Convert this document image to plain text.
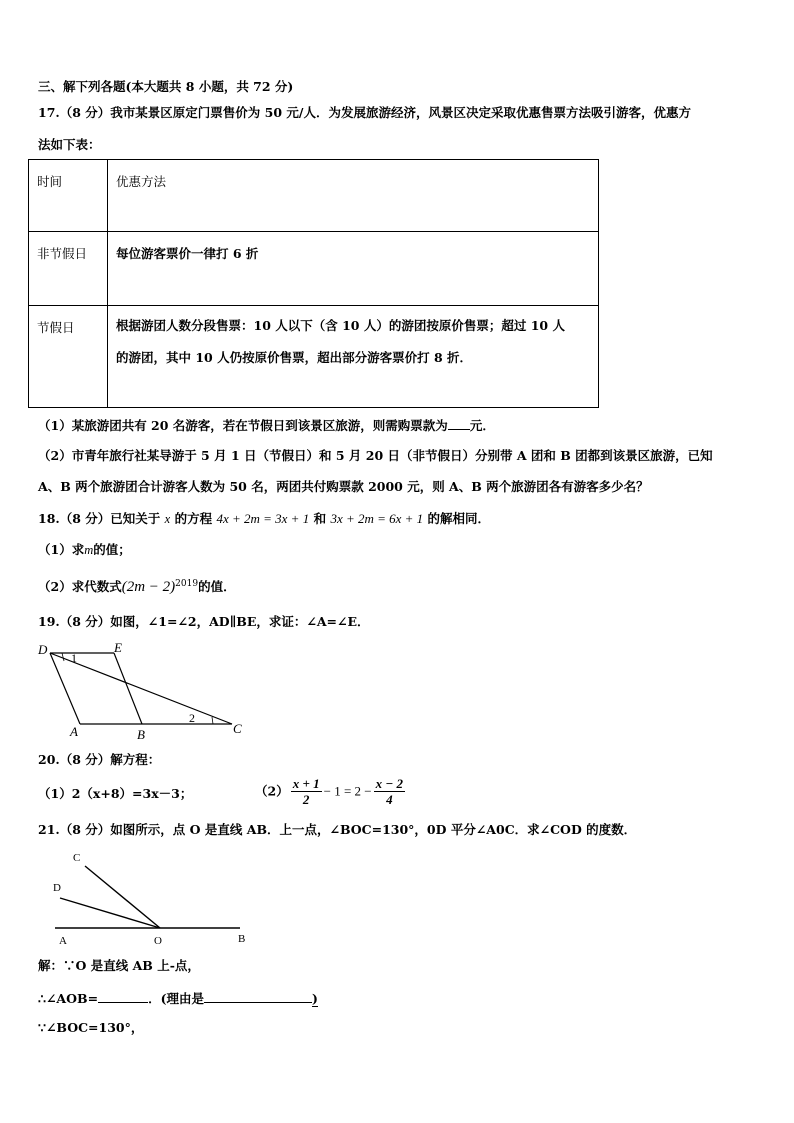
三、解下列各题(本大题共 8 小题，共 72 分)
17.（8 分）我市某景区原定门票售价为 50 元/人．为发展旅游经济，风景区决定采取优惠售票方法吸引游客，优惠方
法如下表：
时间	优惠方法
非节假日	每位游客票价一律打 6 折
节假日	根据游团人数分段售票：10 人以下（含 10 人）的游团按原价售票；超过 10 人
的游团，其中 10 人仍按原价售票，超出部分游客票价打 8 折．
（1）某旅游团共有 20 名游客，若在节假日到该景区旅游，则需购票款为 元．
（2）市青年旅行社某导游于 5 月 1 日（节假日）和 5 月 20 日（非节假日）分别带 A 团和 B 团都到该景区旅游，已知
A、B 两个旅游团合计游客人数为 50 名，两团共付购票款 2000 元，则 A、B 两个旅游团各有游客多少名？
18.（8 分）已知关于 x 的方程 4x + 2m = 3x + 1 和 3x + 2m = 6x + 1 的解相同．
（1）求m的值；
（2）求代数式$(2m - 2)^{2019}$的值．
19.（8 分）如图，∠1=∠2，AD∥BE，求证：∠A=∠E．
D	E
A	B	C
1
2
20.（8 分）解方程：
（1）2（x+8）=3x－3；	$(2) \frac{x + 1}{2} - 1 = 2 - \frac{x - 2}{4}$
21.（8 分）如图所示，点 O 是直线 AB．上一点，∠BOC=130°，0D 平分∠A0C．求∠COD 的度数．
C
D
A	O	B
解：∵O 是直线 AB 上-点，
∴∠AOB=	．(理由是	)
∵∠BOC=130°，
